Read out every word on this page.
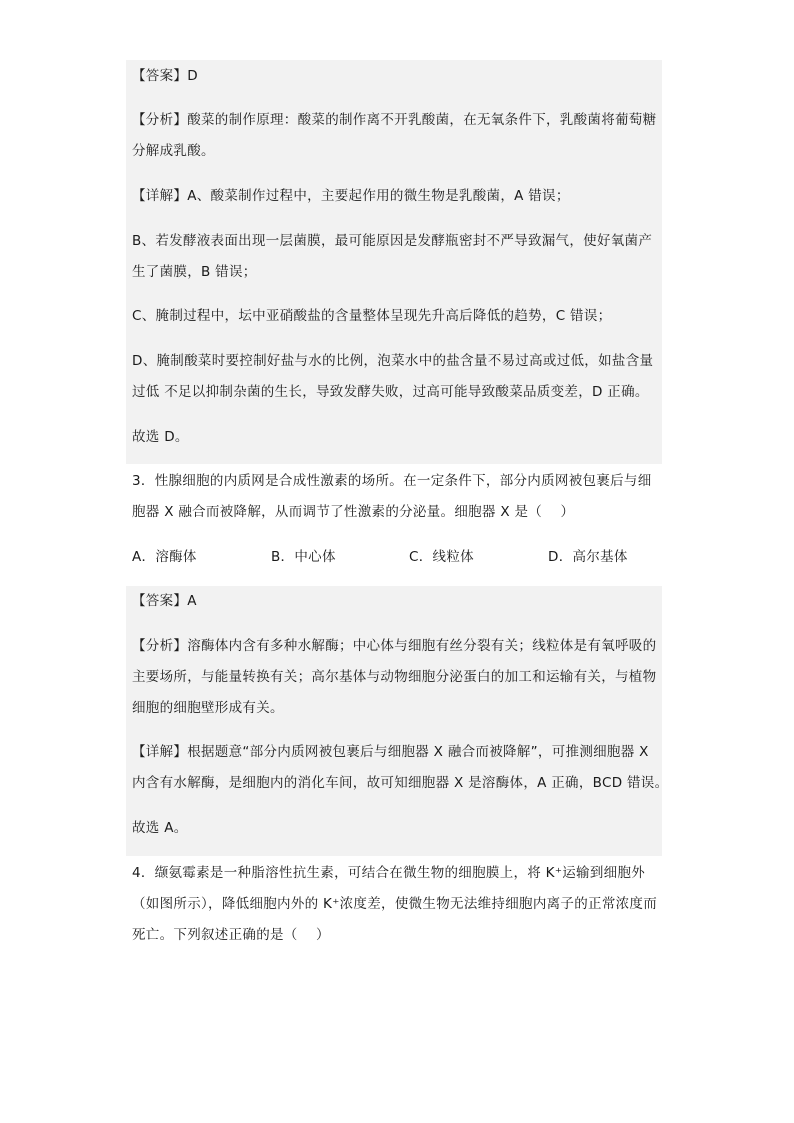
【答案】D
【分析】酸菜的制作原理：酸菜的制作离不开乳酸菌，在无氧条件下，乳酸菌将葡萄糖
分解成乳酸。
【详解】A、酸菜制作过程中，主要起作用的微生物是乳酸菌，A 错误；
B、若发酵液表面出现一层菌膜，最可能原因是发酵瓶密封不严导致漏气，使好氧菌产
生了菌膜，B 错误；
C、腌制过程中，坛中亚硝酸盐的含量整体呈现先升高后降低的趋势，C 错误；
D、腌制酸菜时要控制好盐与水的比例，泡菜水中的盐含量不易过高或过低，如盐含量
过低 不足以抑制杂菌的生长，导致发酵失败，过高可能导致酸菜品质变差，D 正确。
故选 D。
3．性腺细胞的内质网是合成性激素的场所。在一定条件下，部分内质网被包裹后与细
胞器 X 融合而被降解，从而调节了性激素的分泌量。细胞器 X 是（　 ）
A．溶酶体	B．中心体	C．线粒体	D．高尔基体
【答案】A
【分析】溶酶体内含有多种水解酶；中心体与细胞有丝分裂有关；线粒体是有氧呼吸的
主要场所，与能量转换有关；高尔基体与动物细胞分泌蛋白的加工和运输有关，与植物
细胞的细胞壁形成有关。
【详解】根据题意“部分内质网被包裹后与细胞器 X 融合而被降解”，可推测细胞器 X
内含有水解酶，是细胞内的消化车间，故可知细胞器 X 是溶酶体，A 正确，BCD 错误。
故选 A。
4．缬氨霉素是一种脂溶性抗生素，可结合在微生物的细胞膜上，将 K⁺运输到细胞外
（如图所示），降低细胞内外的 K⁺浓度差，使微生物无法维持细胞内离子的正常浓度而
死亡。下列叙述正确的是（　 ）
